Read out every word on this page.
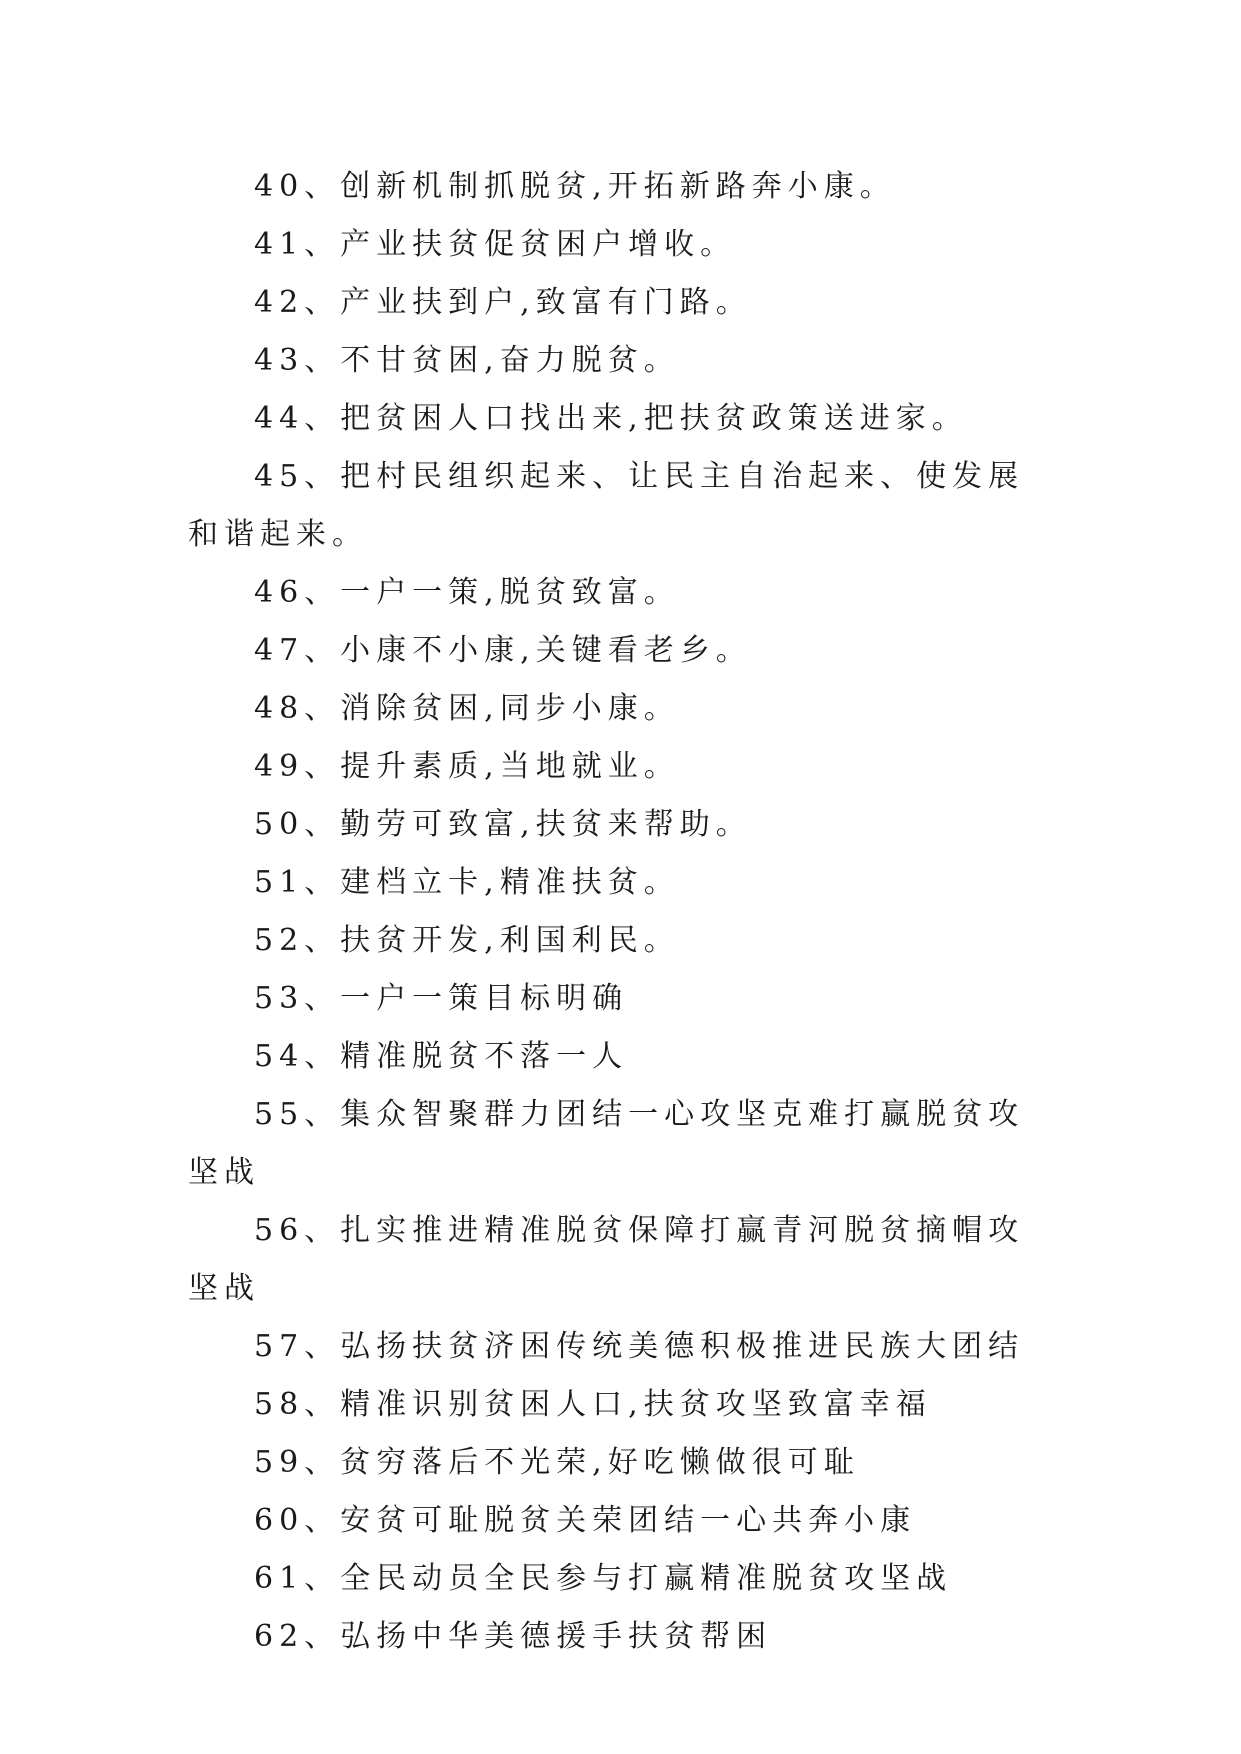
40、创新机制抓脱贫,开拓新路奔小康。

41、产业扶贫促贫困户增收。

42、产业扶到户,致富有门路。

43、不甘贫困,奋力脱贫。

44、把贫困人口找出来,把扶贫政策送进家。

45、把村民组织起来、让民主自治起来、使发展和谐起来。

46、一户一策,脱贫致富。

47、小康不小康,关键看老乡。

48、消除贫困,同步小康。

49、提升素质,当地就业。

50、勤劳可致富,扶贫来帮助。

51、建档立卡,精准扶贫。

52、扶贫开发,利国利民。

53、一户一策目标明确

54、精准脱贫不落一人

55、集众智聚群力团结一心攻坚克难打赢脱贫攻坚战

56、扎实推进精准脱贫保障打赢青河脱贫摘帽攻坚战

57、弘扬扶贫济困传统美德积极推进民族大团结

58、精准识别贫困人口,扶贫攻坚致富幸福

59、贫穷落后不光荣,好吃懒做很可耻

60、安贫可耻脱贫关荣团结一心共奔小康

61、全民动员全民参与打赢精准脱贫攻坚战

62、弘扬中华美德援手扶贫帮困
